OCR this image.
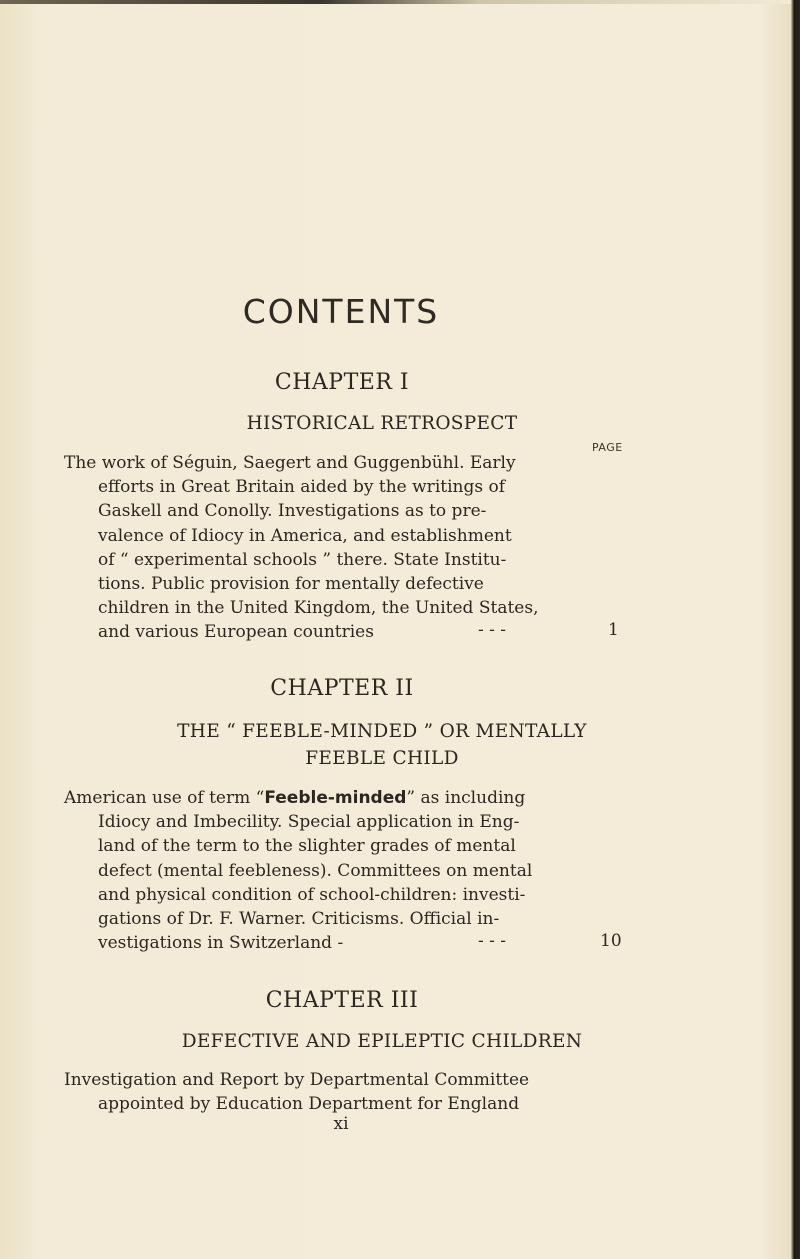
CONTENTS
CHAPTER I
HISTORICAL RETROSPECT
PAGE
The work of Séguin, Saegert and Guggenbühl. Early
efforts in Great Britain aided by the writings of
Gaskell and Conolly. Investigations as to pre-
valence of Idiocy in America, and establishment
of “ experimental schools ” there. State Institu-
tions. Public provision for mentally defective
children in the United Kingdom, the United States,
and various European countries	- - -	1
CHAPTER II
THE “ FEEBLE-MINDED ” OR MENTALLY
FEEBLE CHILD
American use of term “Feeble-minded” as including
Idiocy and Imbecility. Special application in Eng-
land of the term to the slighter grades of mental
defect (mental feebleness). Committees on mental
and physical condition of school-children: investi-
gations of Dr. F. Warner. Criticisms. Official in-
vestigations in Switzerland -	- - -	10
CHAPTER III
DEFECTIVE AND EPILEPTIC CHILDREN
Investigation and Report by Departmental Committee
appointed by Education Department for England
xi
